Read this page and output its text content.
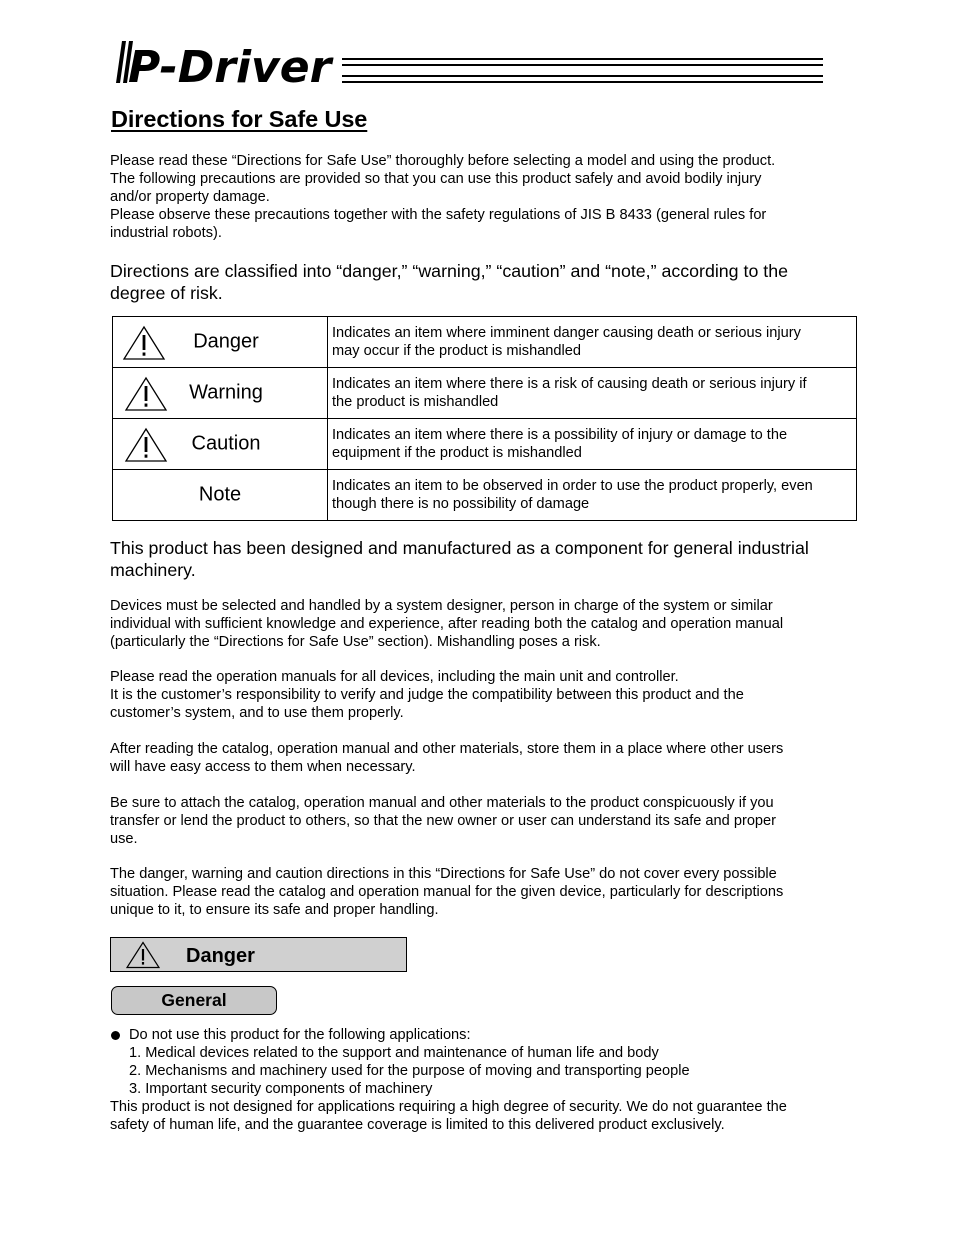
P-Driver
Directions for Safe Use

Please read these “Directions for Safe Use” thoroughly before selecting a model and using the product.

The following precautions are provided so that you can use this product safely and avoid bodily injury

and/or property damage.

Please observe these precautions together with the safety regulations of JIS B 8433 (general rules for

industrial robots).

Directions are classified into “danger,” “warning,” “caution” and “note,” according to the

degree of risk.

Danger	Indicates an item where imminent danger causing death or serious injury
may occur if the product is mishandled

Warning	Indicates an item where there is a risk of causing death or serious injury if
the product is mishandled

Caution	Indicates an item where there is a possibility of injury or damage to the
equipment if the product is mishandled

Note	Indicates an item to be observed in order to use the product properly, even
though there is no possibility of damage

This product has been designed and manufactured as a component for general industrial

machinery.

Devices must be selected and handled by a system designer, person in charge of the system or similar

individual with sufficient knowledge and experience, after reading both the catalog and operation manual

(particularly the “Directions for Safe Use” section). Mishandling poses a risk.

Please read the operation manuals for all devices, including the main unit and controller.

It is the customer’s responsibility to verify and judge the compatibility between this product and the

customer’s system, and to use them properly.

After reading the catalog, operation manual and other materials, store them in a place where other users

will have easy access to them when necessary.

Be sure to attach the catalog, operation manual and other materials to the product conspicuously if you

transfer or lend the product to others, so that the new owner or user can understand its safe and proper

use.

The danger, warning and caution directions in this “Directions for Safe Use” do not cover every possible

situation. Please read the catalog and operation manual for the given device, particularly for descriptions

unique to it, to ensure its safe and proper handling.

Danger
General
Do not use this product for the following applications:
1. Medical devices related to the support and maintenance of human life and body
2. Mechanisms and machinery used for the purpose of moving and transporting people
3. Important security components of machinery
This product is not designed for applications requiring a high degree of security. We do not guarantee the
safety of human life, and the guarantee coverage is limited to this delivered product exclusively.
